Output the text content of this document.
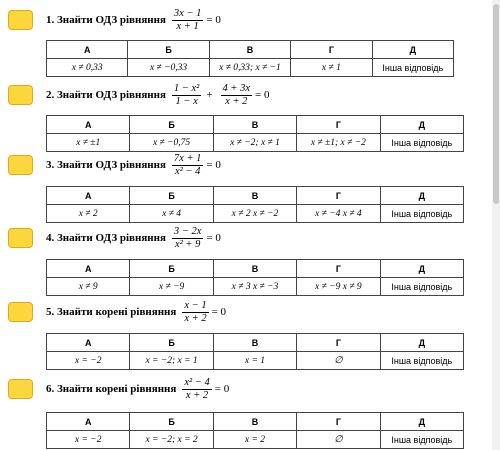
1. Знайти ОДЗ рівняння $\frac{3x - 1}{x + 1} = 0$
А	Б	В	Г	Д
x ≠ 0,33	x ≠ −0,33	x ≠ 0,33; x ≠ −1	x ≠ 1	Інша відповідь
2. Знайти ОДЗ рівняння $\frac{\text{1 − x²}}{1 - x} + \frac{4 + 3x}{x + 2} = 0$
А	Б	В	Г	Д
x ≠ ±1	x ≠ −0,75	x ≠ −2; x ≠ 1	x ≠ ±1; x ≠ −2	Інша відповідь
3. Знайти ОДЗ рівняння $\frac{7x + 1}{\text{x² − 4}} = 0$
А	Б	В	Г	Д
x ≠ 2	x ≠ 4	x ≠ 2 x ≠ −2	x ≠ −4 x ≠ 4	Інша відповідь
4. Знайти ОДЗ рівняння $\frac{3 - 2x}{\text{x² + 9}} = 0$
А	Б	В	Г	Д
x ≠ 9	x ≠ −9	x ≠ 3 x ≠ −3	x ≠ −9 x ≠ 9	Інша відповідь
5. Знайти корені рівняння $\frac{x - 1}{x + 2} = 0$
А	Б	В	Г	Д
x = −2	x = −2; x = 1	x = 1	∅	Інша відповідь
6. Знайти корені рівняння $\frac{\text{x² − 4}}{x + 2} = 0$
А	Б	В	Г	Д
x = −2	x = −2; x = 2	x = 2	∅	Інша відповідь
